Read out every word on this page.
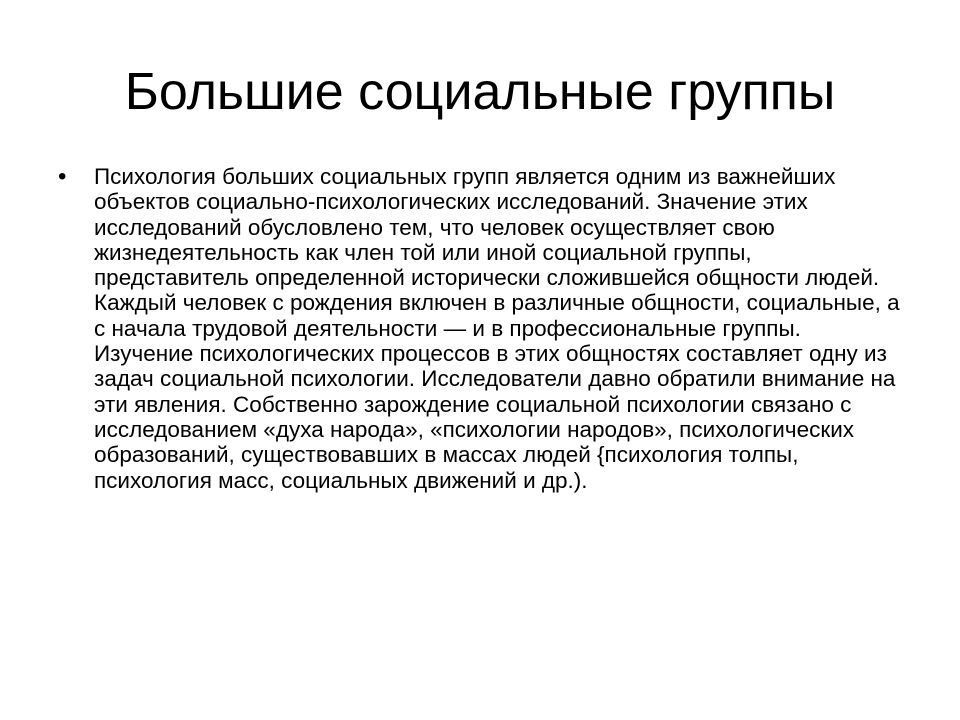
Большие социальные группы
• Психология больших социальных групп является одним из важнейших объектов социально-психологических исследований. Значение этих исследований обусловлено тем, что человек осуществляет свою жизнедеятельность как член той или иной социальной группы, представитель определенной исторически сложившейся общности людей. Каждый человек с рождения включен в различные общности, социальные, а с начала трудовой деятельности — и в профессиональные группы. Изучение психологических процессов в этих общностях составляет одну из задач социальной психологии. Исследователи давно обратили внимание на эти явления. Собственно зарождение социальной психологии связано с исследованием «духа народа», «психологии народов», психологических образований, существовавших в массах людей {психология толпы, психология масс, социальных движений и др.).
